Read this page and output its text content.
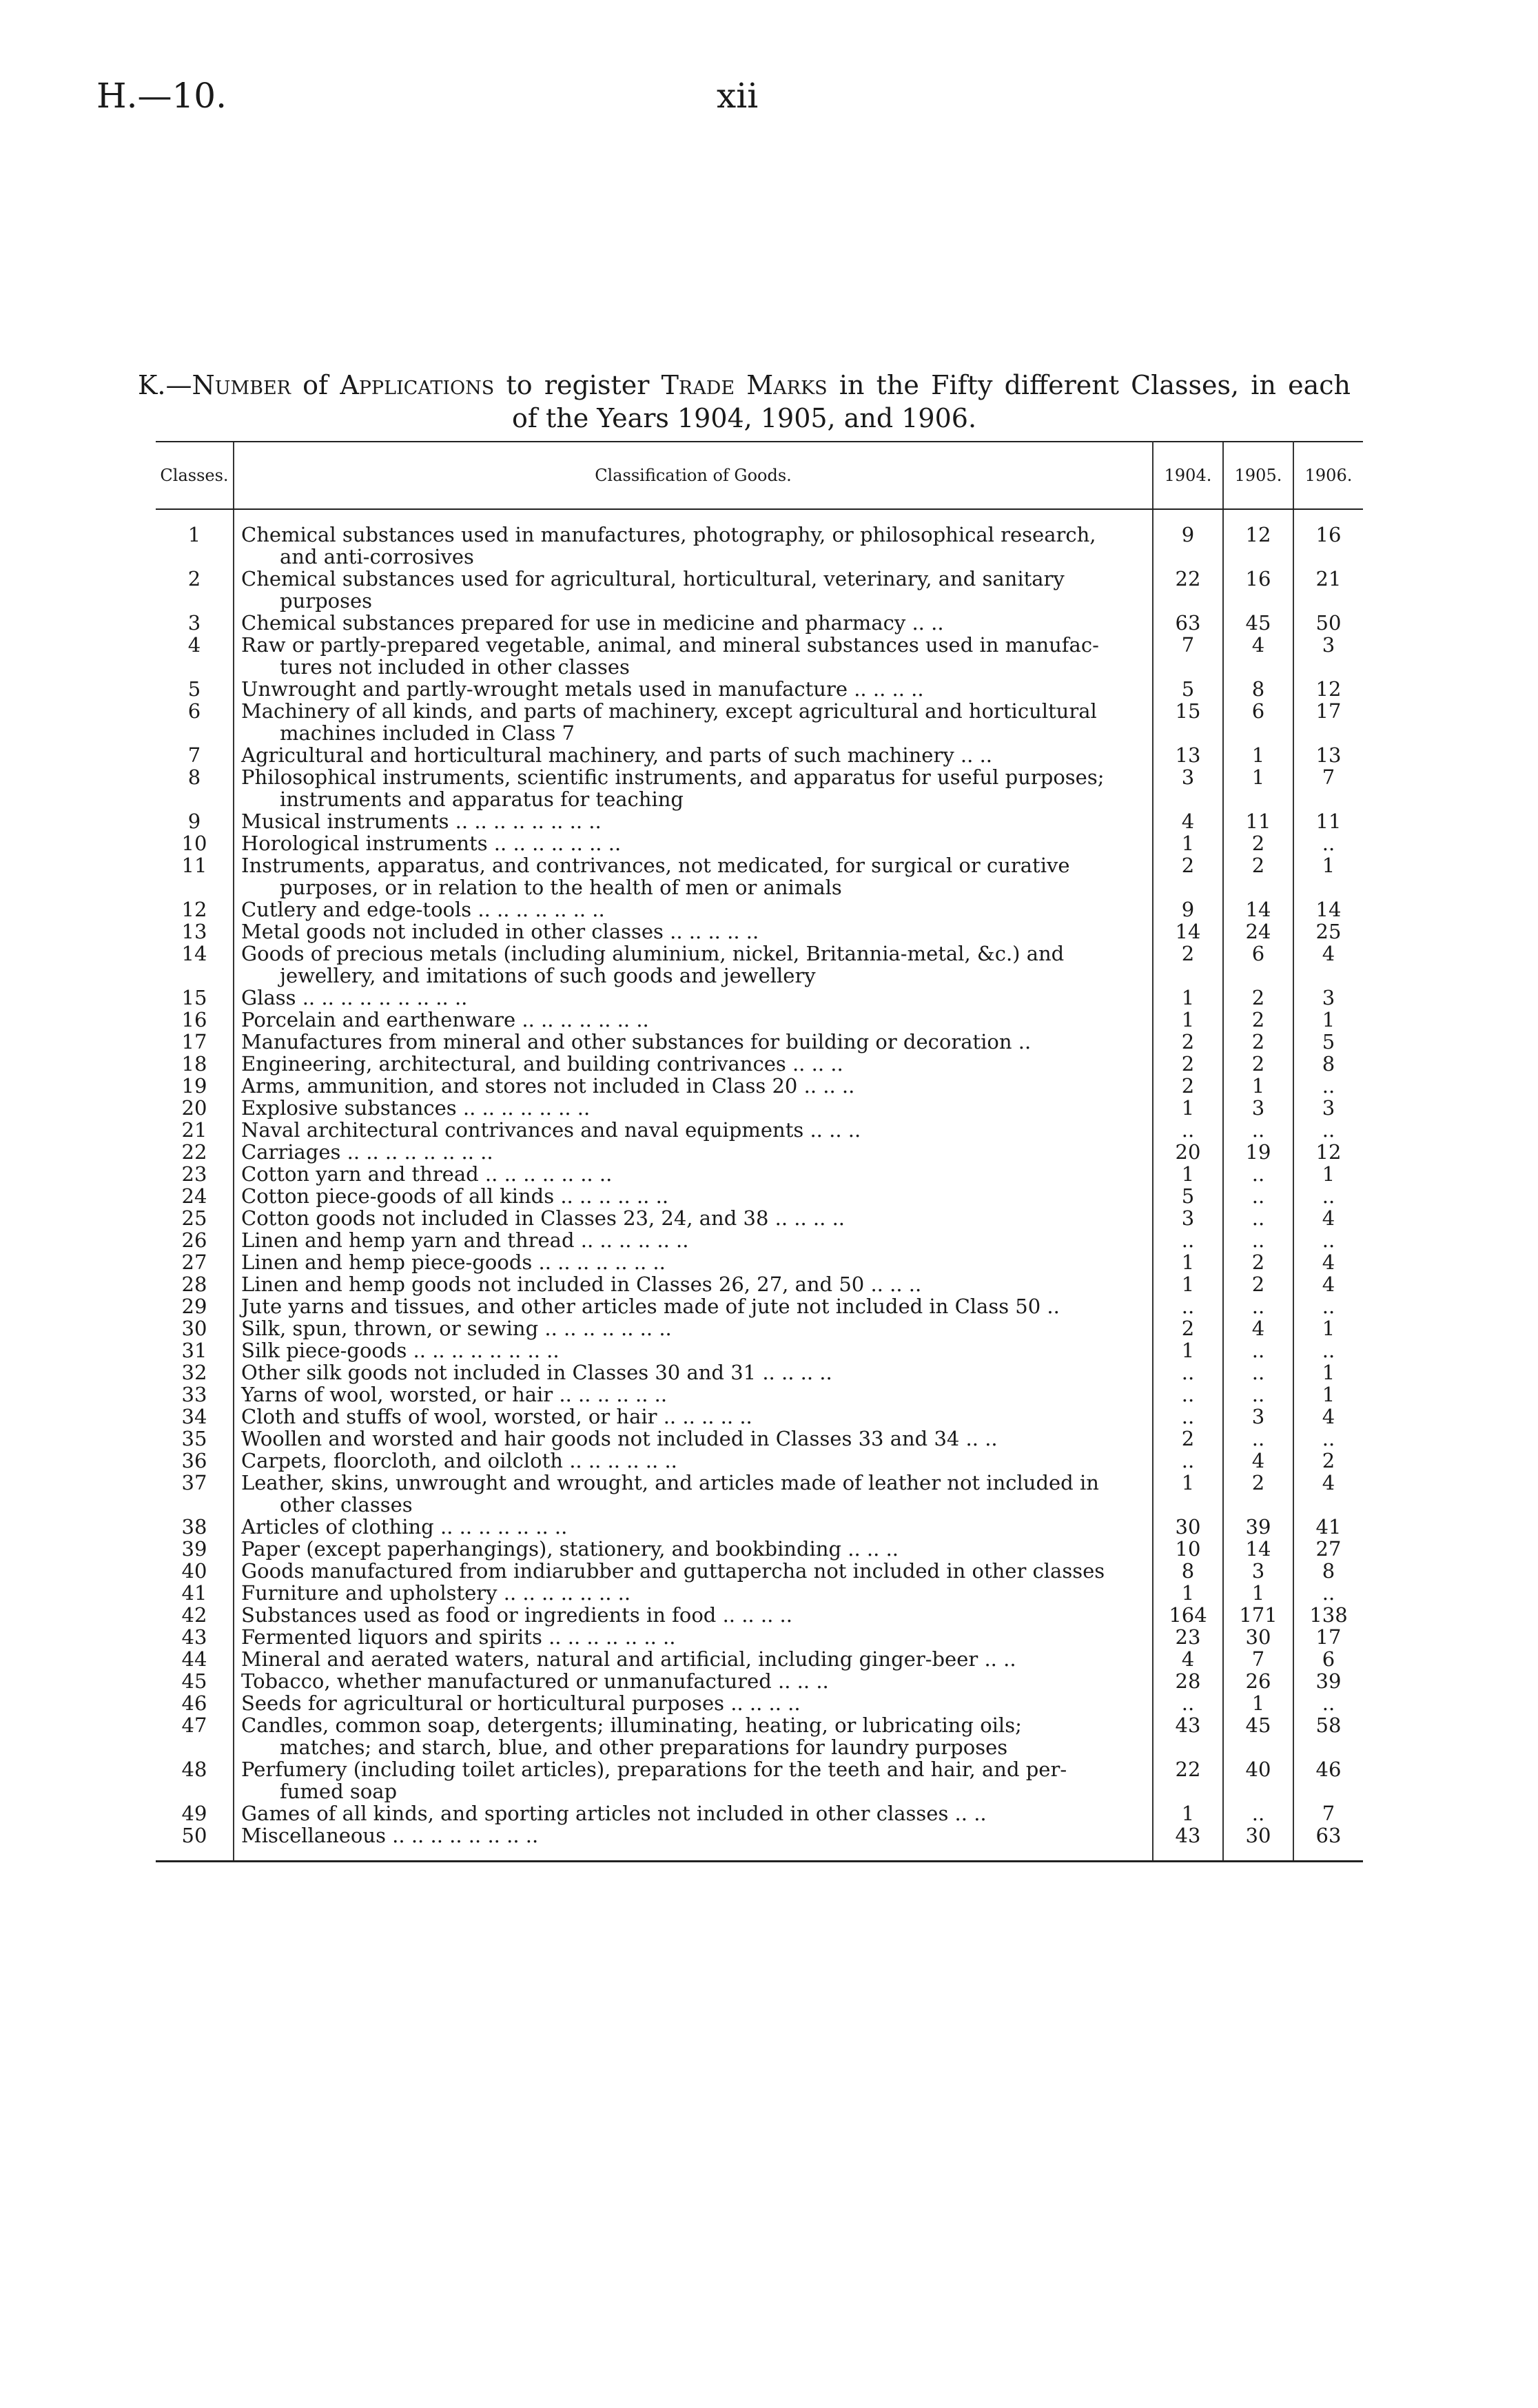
H.—10.	xii
K.—Number of Applications to register Trade Marks in the Fifty different Classes, in each
of the Years 1904, 1905, and 1906.
Classes.	Classification of Goods.	1904.	1905.	1906.

1	Chemical substances used in manufactures, photography, or philosophical research,
and anti-corrosives	9	12	16
2	Chemical substances used for agricultural, horticultural, veterinary, and sanitary
purposes	22	16	21
3	Chemical substances prepared for use in medicine and pharmacy .. ..	63	45	50
4	Raw or partly-prepared vegetable, animal, and mineral substances used in manufac-
tures not included in other classes	7	4	3
5	Unwrought and partly-wrought metals used in manufacture .. .. .. ..	5	8	12
6	Machinery of all kinds, and parts of machinery, except agricultural and horticultural
machines included in Class 7	15	6	17
7	Agricultural and horticultural machinery, and parts of such machinery .. ..	13	1	13
8	Philosophical instruments, scientific instruments, and apparatus for useful purposes;
instruments and apparatus for teaching	3	1	7
9	Musical instruments .. .. .. .. .. .. .. ..	4	11	11
10	Horological instruments .. .. .. .. .. .. ..	1	2	..
11	Instruments, apparatus, and contrivances, not medicated, for surgical or curative
purposes, or in relation to the health of men or animals	2	2	1
12	Cutlery and edge-tools .. .. .. .. .. .. ..	9	14	14
13	Metal goods not included in other classes .. .. .. .. ..	14	24	25
14	Goods of precious metals (including aluminium, nickel, Britannia-metal, &c.) and
jewellery, and imitations of such goods and jewellery	2	6	4
15	Glass .. .. .. .. .. .. .. .. ..	1	2	3
16	Porcelain and earthenware .. .. .. .. .. .. ..	1	2	1
17	Manufactures from mineral and other substances for building or decoration ..	2	2	5
18	Engineering, architectural, and building contrivances .. .. ..	2	2	8
19	Arms, ammunition, and stores not included in Class 20 .. .. ..	2	1	..
20	Explosive substances .. .. .. .. .. .. ..	1	3	3
21	Naval architectural contrivances and naval equipments .. .. ..	..	..	..
22	Carriages .. .. .. .. .. .. .. ..	20	19	12
23	Cotton yarn and thread .. .. .. .. .. .. ..	1	..	1
24	Cotton piece-goods of all kinds .. .. .. .. .. ..	5	..	..
25	Cotton goods not included in Classes 23, 24, and 38 .. .. .. ..	3	..	4
26	Linen and hemp yarn and thread .. .. .. .. .. ..	..	..	..
27	Linen and hemp piece-goods .. .. .. .. .. .. ..	1	2	4
28	Linen and hemp goods not included in Classes 26, 27, and 50 .. .. ..	1	2	4
29	Jute yarns and tissues, and other articles made of jute not included in Class 50 ..	..	..	..
30	Silk, spun, thrown, or sewing .. .. .. .. .. .. ..	2	4	1
31	Silk piece-goods .. .. .. .. .. .. .. ..	1	..	..
32	Other silk goods not included in Classes 30 and 31 .. .. .. ..	..	..	1
33	Yarns of wool, worsted, or hair .. .. .. .. .. ..	..	..	1
34	Cloth and stuffs of wool, worsted, or hair .. .. .. .. ..	..	3	4
35	Woollen and worsted and hair goods not included in Classes 33 and 34 .. ..	2	..	..
36	Carpets, floorcloth, and oilcloth .. .. .. .. .. ..	..	4	2
37	Leather, skins, unwrought and wrought, and articles made of leather not included in
other classes	1	2	4
38	Articles of clothing .. .. .. .. .. .. ..	30	39	41
39	Paper (except paperhangings), stationery, and bookbinding .. .. ..	10	14	27
40	Goods manufactured from indiarubber and guttapercha not included in other classes	8	3	8
41	Furniture and upholstery .. .. .. .. .. .. ..	1	1	..
42	Substances used as food or ingredients in food .. .. .. ..	164	171	138
43	Fermented liquors and spirits .. .. .. .. .. .. ..	23	30	17
44	Mineral and aerated waters, natural and artificial, including ginger-beer .. ..	4	7	6
45	Tobacco, whether manufactured or unmanufactured .. .. ..	28	26	39
46	Seeds for agricultural or horticultural purposes .. .. .. ..	..	1	..
47	Candles, common soap, detergents; illuminating, heating, or lubricating oils;
matches; and starch, blue, and other preparations for laundry purposes	43	45	58
48	Perfumery (including toilet articles), preparations for the teeth and hair, and per-
fumed soap	22	40	46
49	Games of all kinds, and sporting articles not included in other classes .. ..	1	..	7
50	Miscellaneous .. .. .. .. .. .. .. ..	43	30	63
